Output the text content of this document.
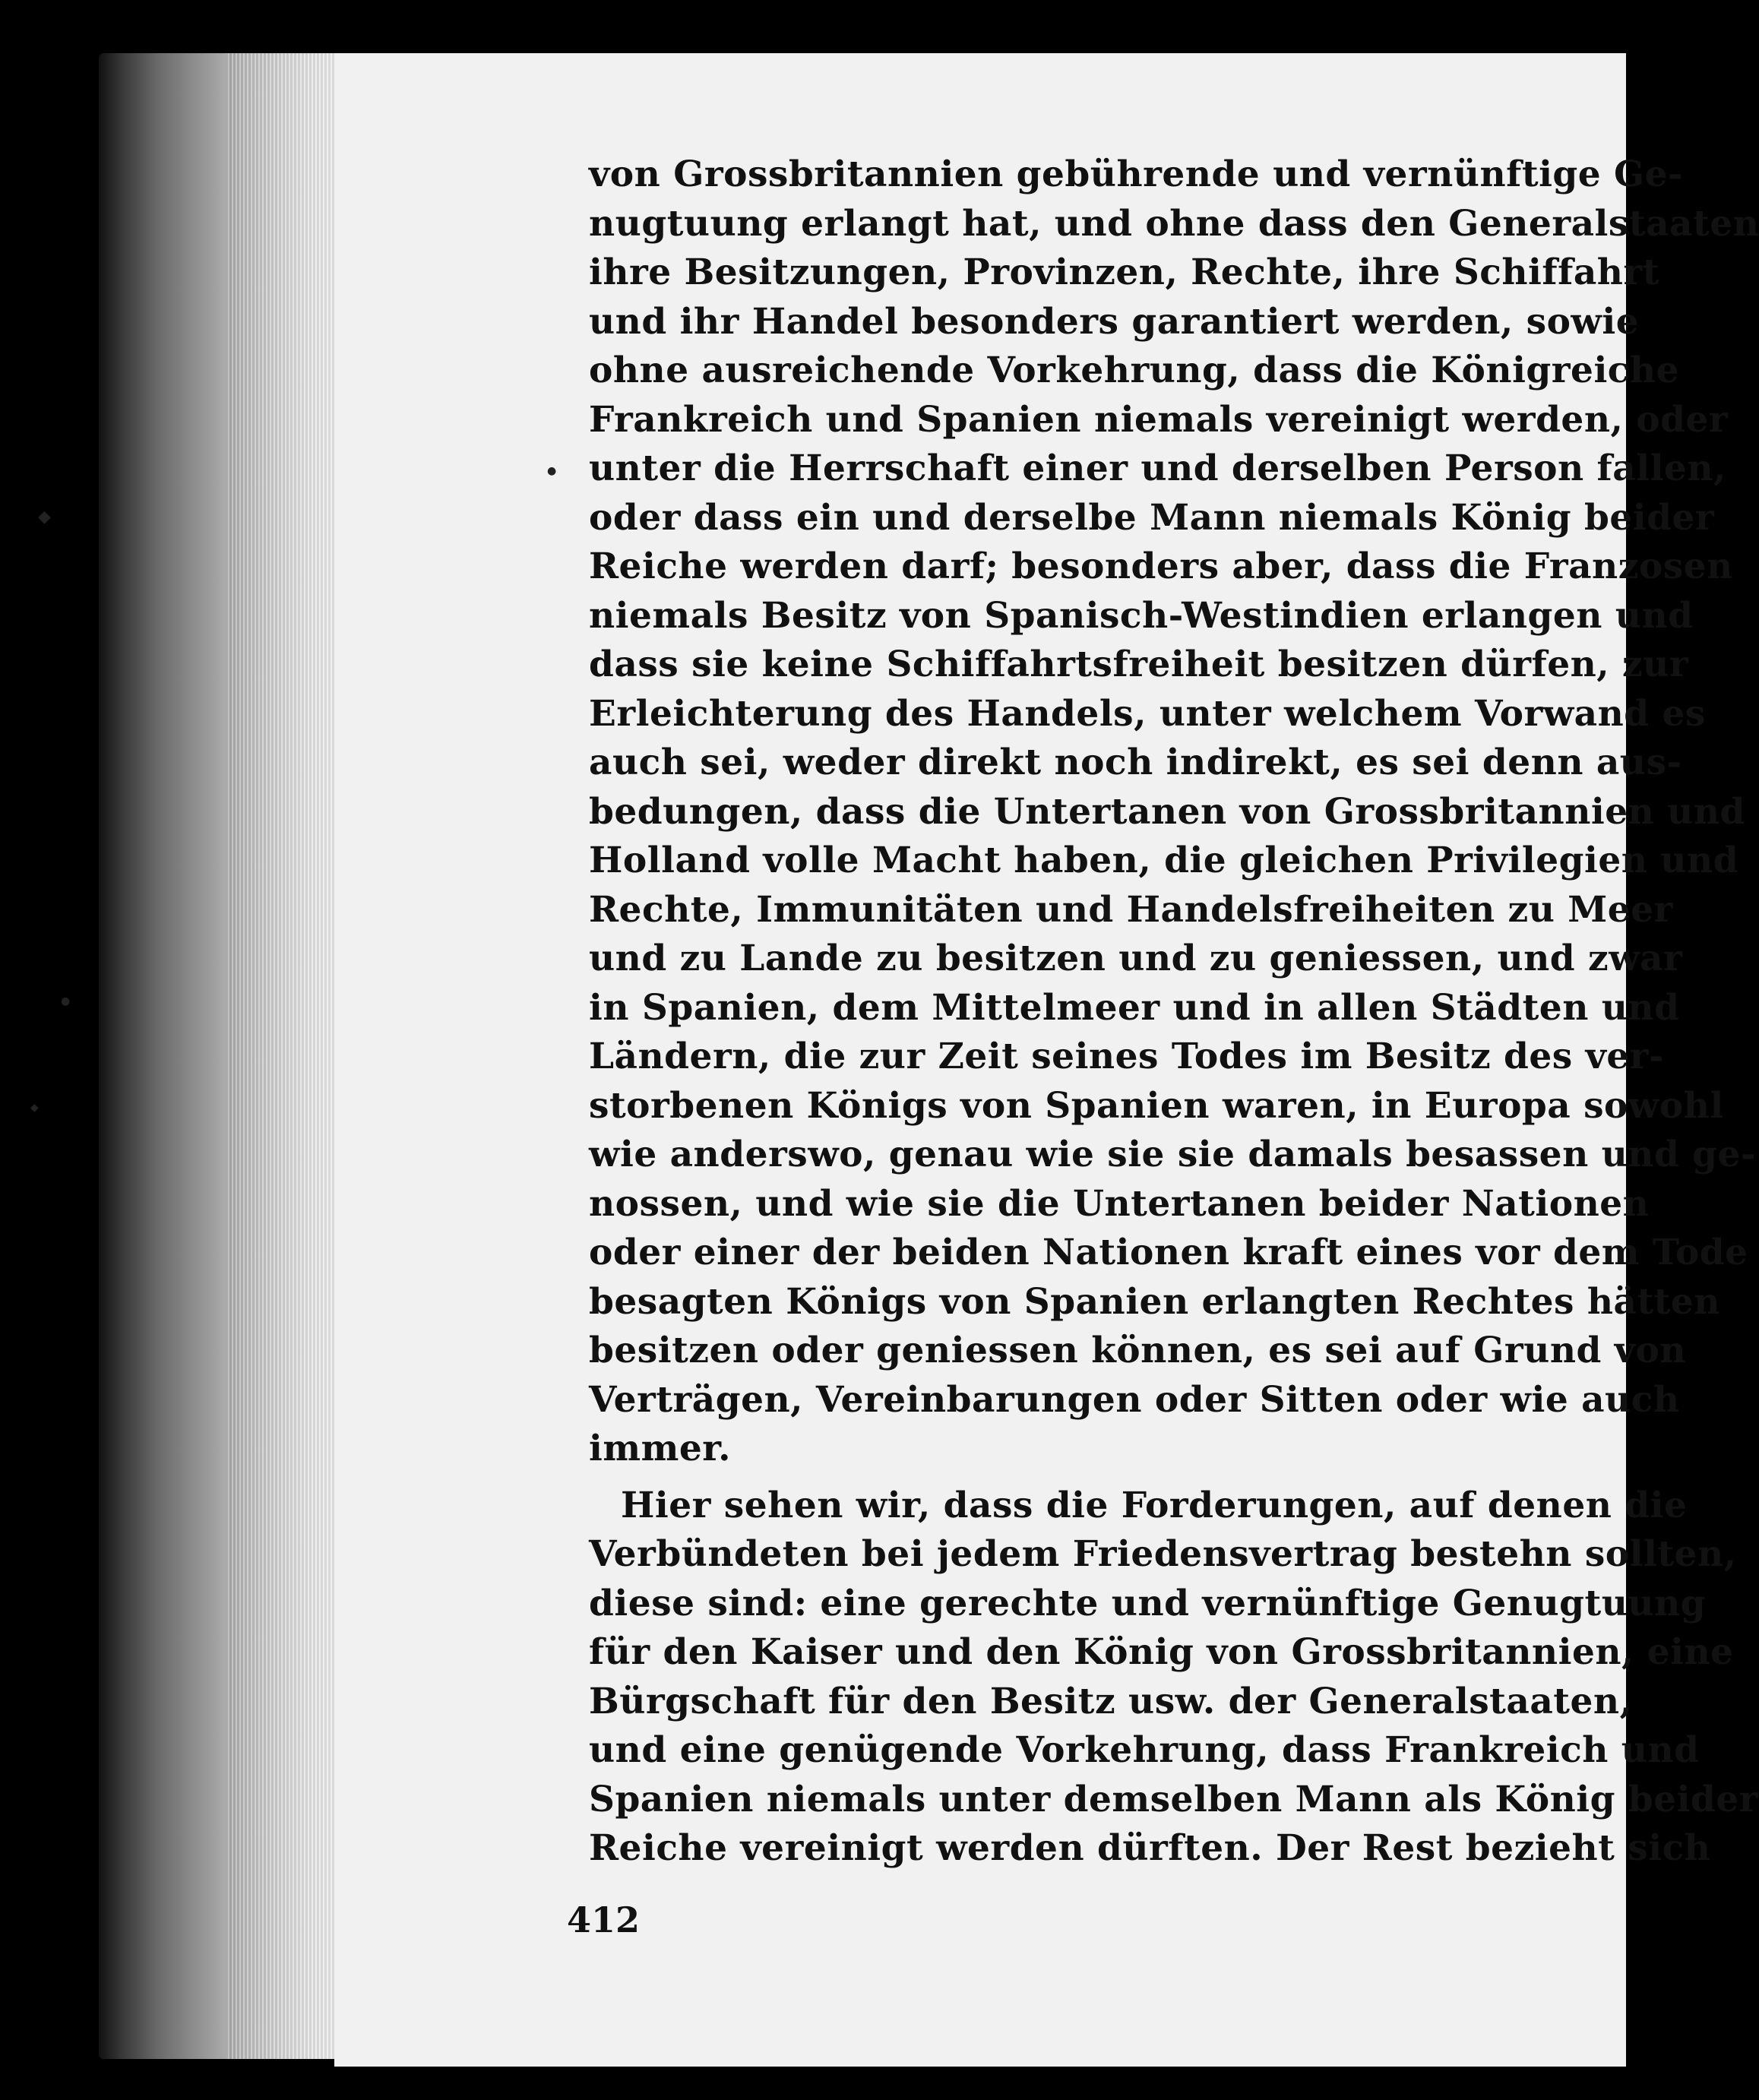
◆
●
●
◆
von Grossbritannien gebührende und vernünftige Ge-
nugtuung erlangt hat, und ohne dass den Generalstaaten
ihre Besitzungen, Provinzen, Rechte, ihre Schiffahrt
und ihr Handel besonders garantiert werden, sowie
ohne ausreichende Vorkehrung, dass die Königreiche
Frankreich und Spanien niemals vereinigt werden, oder
unter die Herrschaft einer und derselben Person fallen,
oder dass ein und derselbe Mann niemals König beider
Reiche werden darf; besonders aber, dass die Franzosen
niemals Besitz von Spanisch-Westindien erlangen und
dass sie keine Schiffahrtsfreiheit besitzen dürfen, zur
Erleichterung des Handels, unter welchem Vorwand es
auch sei, weder direkt noch indirekt, es sei denn aus-
bedungen, dass die Untertanen von Grossbritannien und
Holland volle Macht haben, die gleichen Privilegien und
Rechte, Immunitäten und Handelsfreiheiten zu Meer
und zu Lande zu besitzen und zu geniessen, und zwar
in Spanien, dem Mittelmeer und in allen Städten und
Ländern, die zur Zeit seines Todes im Besitz des ver-
storbenen Königs von Spanien waren, in Europa sowohl
wie anderswo, genau wie sie sie damals besassen und ge-
nossen, und wie sie die Untertanen beider Nationen
oder einer der beiden Nationen kraft eines vor dem Tode
besagten Königs von Spanien erlangten Rechtes hätten
besitzen oder geniessen können, es sei auf Grund von
Verträgen, Vereinbarungen oder Sitten oder wie auch
immer.
Hier sehen wir, dass die Forderungen, auf denen die
Verbündeten bei jedem Friedensvertrag bestehn sollten,
diese sind: eine gerechte und vernünftige Genugtuung
für den Kaiser und den König von Grossbritannien, eine
Bürgschaft für den Besitz usw. der Generalstaaten,
und eine genügende Vorkehrung, dass Frankreich und
Spanien niemals unter demselben Mann als König beider
Reiche vereinigt werden dürften. Der Rest bezieht sich
412
